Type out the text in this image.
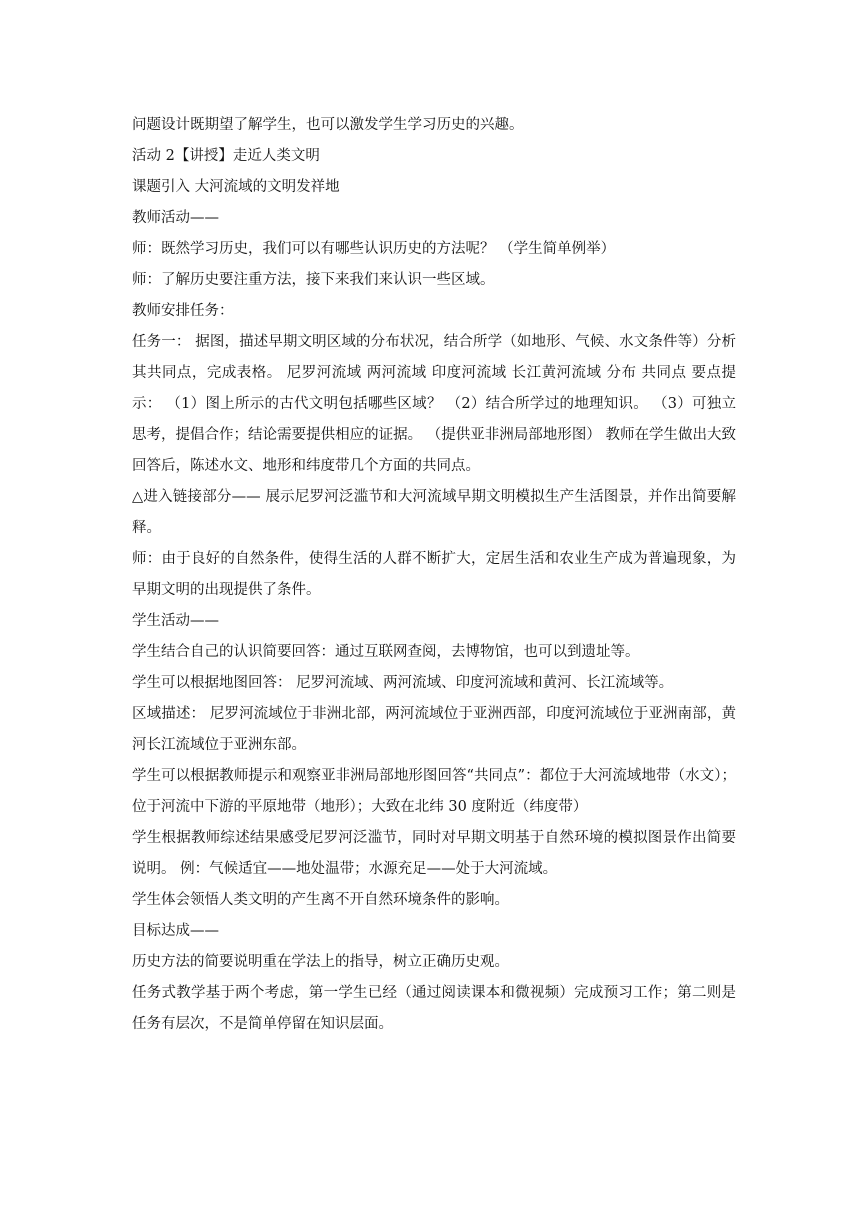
问题设计既期望了解学生，也可以激发学生学习历史的兴趣。

活动 2【讲授】走近人类文明

课题引入 大河流域的文明发祥地

教师活动——

师：既然学习历史，我们可以有哪些认识历史的方法呢？ （学生简单例举）

师：了解历史要注重方法，接下来我们来认识一些区域。

教师安排任务：

任务一： 据图，描述早期文明区域的分布状况，结合所学（如地形、气候、水文条件等）分析其共同点，完成表格。 尼罗河流域 两河流域 印度河流域 长江黄河流域 分布 共同点 要点提示： （1）图上所示的古代文明包括哪些区域？ （2）结合所学过的地理知识。 （3）可独立思考，提倡合作；结论需要提供相应的证据。 （提供亚非洲局部地形图） 教师在学生做出大致回答后，陈述水文、地形和纬度带几个方面的共同点。

△进入链接部分—— 展示尼罗河泛滥节和大河流域早期文明模拟生产生活图景，并作出简要解释。

师：由于良好的自然条件，使得生活的人群不断扩大，定居生活和农业生产成为普遍现象，为早期文明的出现提供了条件。

学生活动——

学生结合自己的认识简要回答：通过互联网查阅，去博物馆，也可以到遗址等。

学生可以根据地图回答： 尼罗河流域、两河流域、印度河流域和黄河、长江流域等。

区域描述： 尼罗河流域位于非洲北部，两河流域位于亚洲西部，印度河流域位于亚洲南部，黄河长江流域位于亚洲东部。

学生可以根据教师提示和观察亚非洲局部地形图回答“共同点”：都位于大河流域地带（水文）；位于河流中下游的平原地带（地形）；大致在北纬 30 度附近（纬度带）

学生根据教师综述结果感受尼罗河泛滥节，同时对早期文明基于自然环境的模拟图景作出简要说明。 例：气候适宜——地处温带；水源充足——处于大河流域。

学生体会领悟人类文明的产生离不开自然环境条件的影响。

目标达成——

历史方法的简要说明重在学法上的指导，树立正确历史观。

任务式教学基于两个考虑，第一学生已经（通过阅读课本和微视频）完成预习工作；第二则是任务有层次，不是简单停留在知识层面。
